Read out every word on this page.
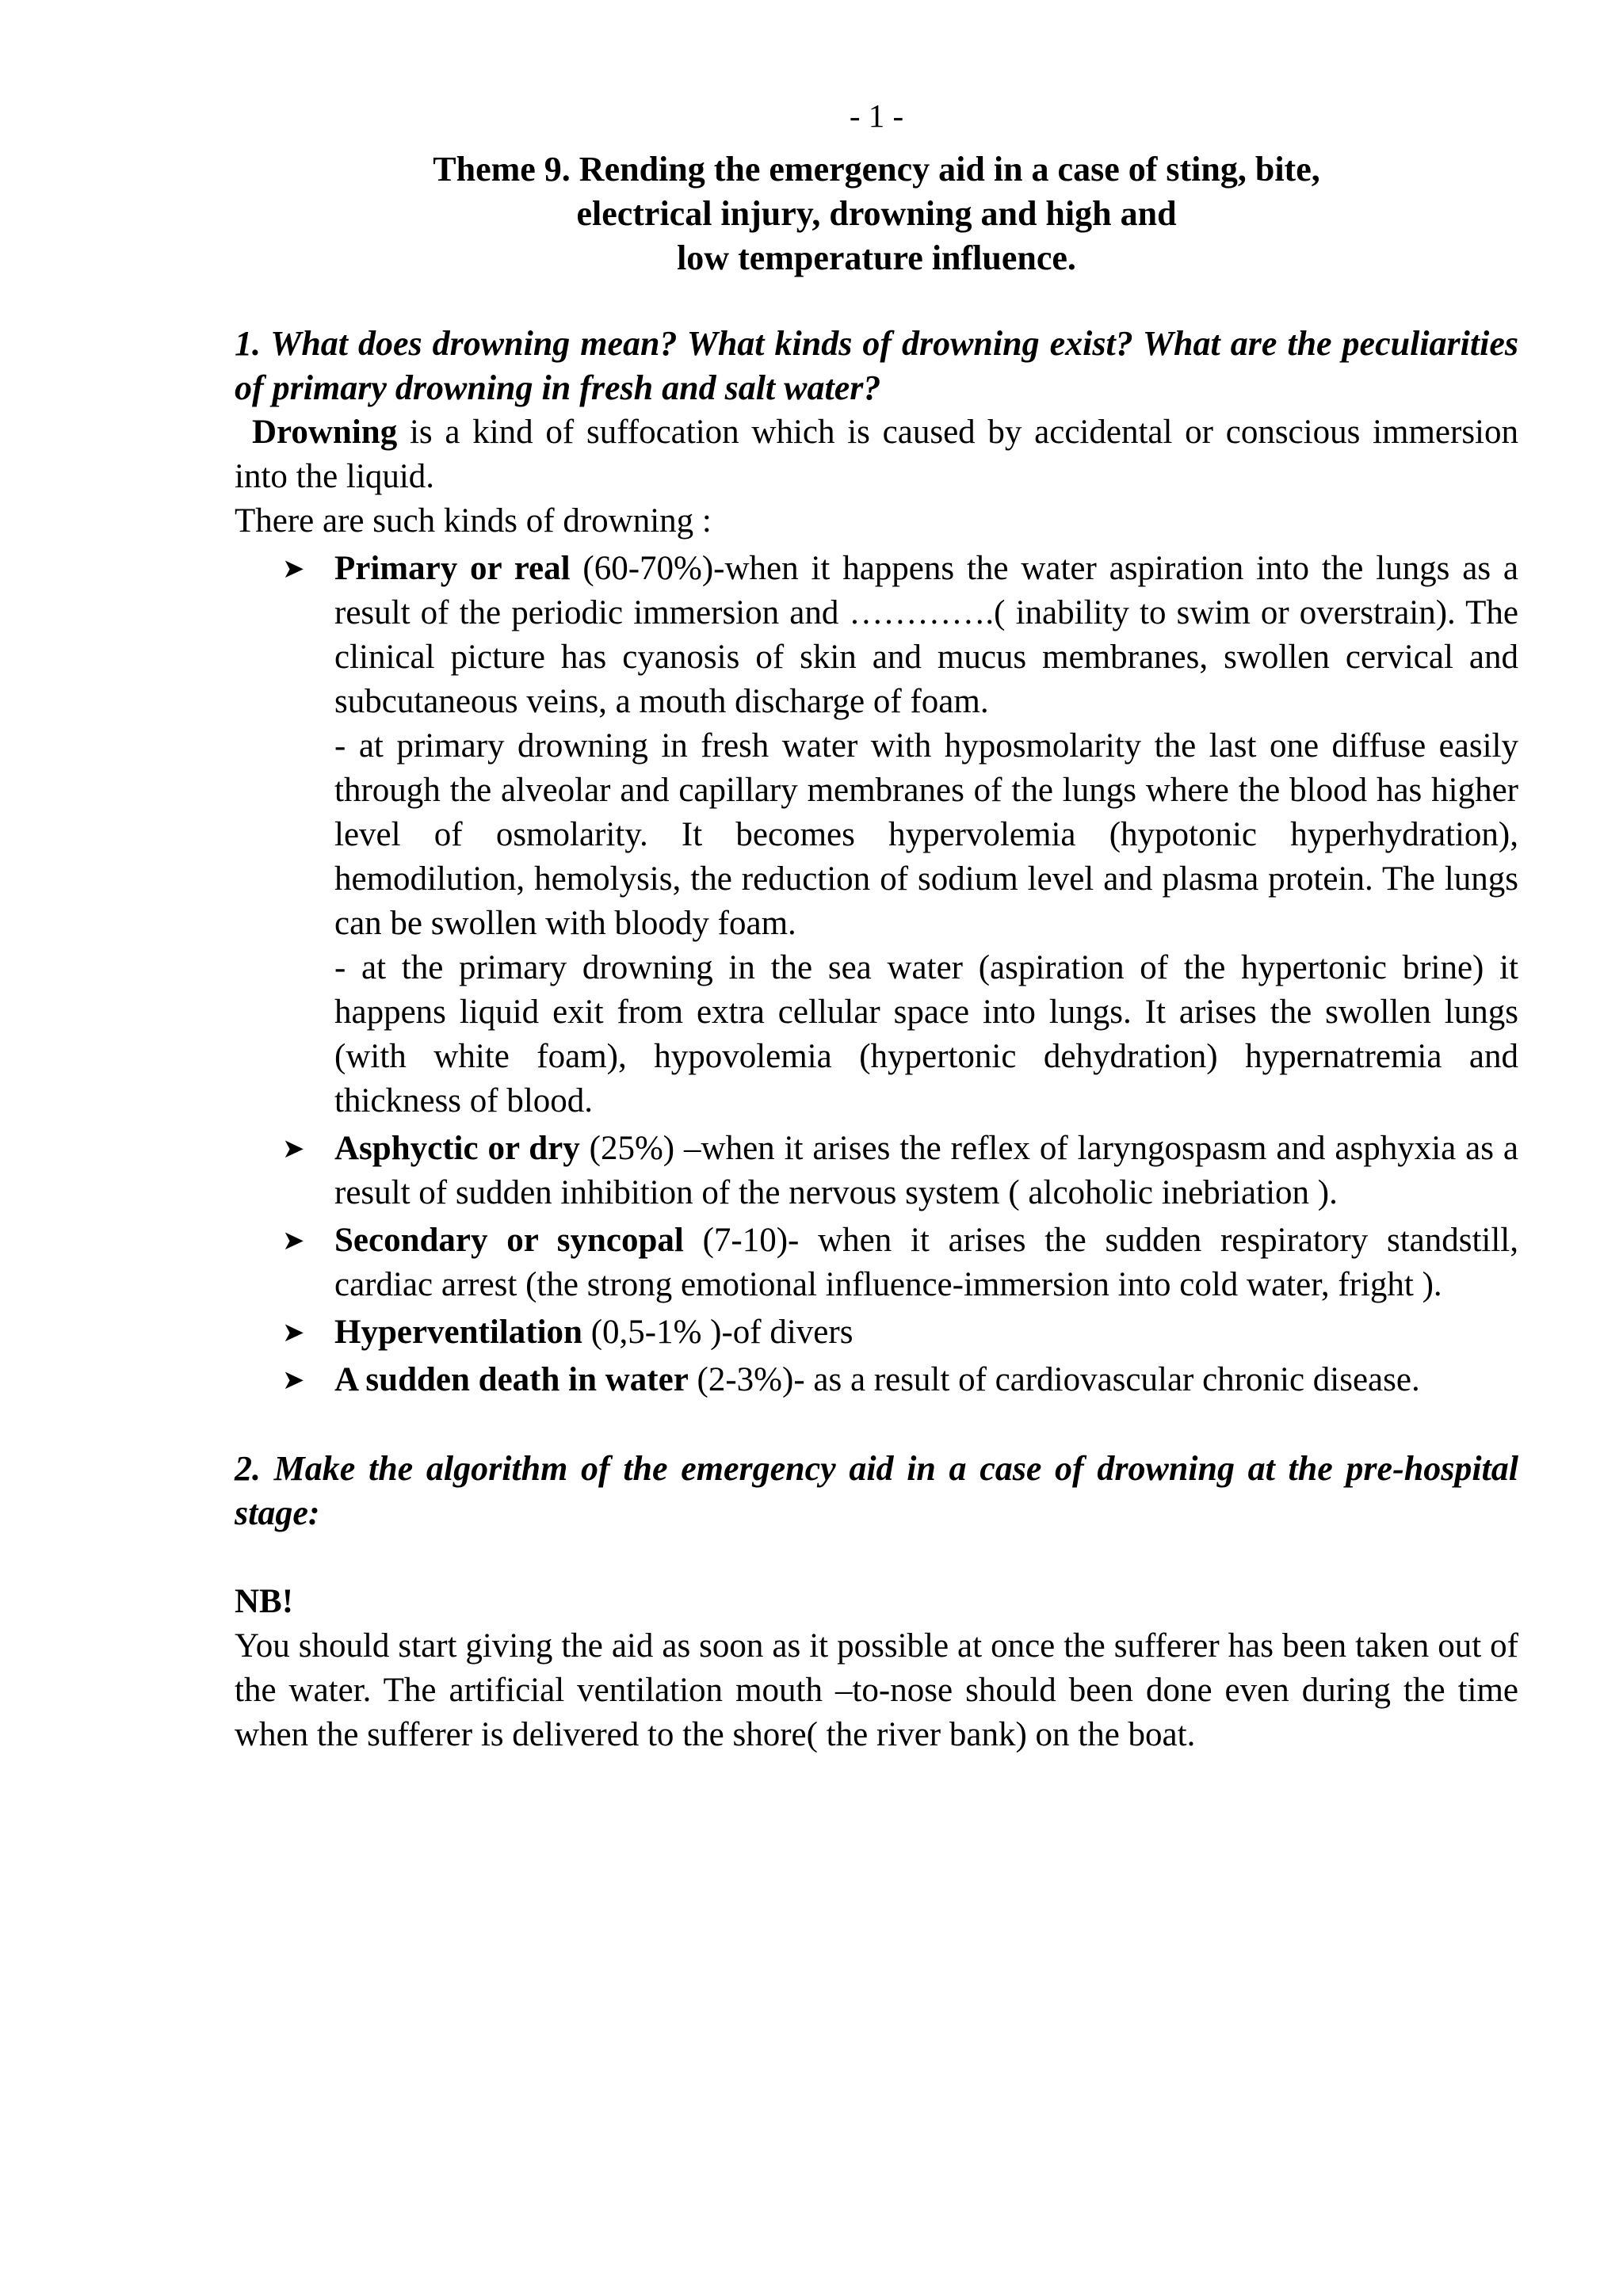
- 1 -
Theme 9. Rending the emergency aid in a case of sting, bite,
electrical injury, drowning and high and
low temperature influence.
1. What does drowning mean? What kinds of drowning exist? What are the peculiarities of primary drowning in fresh and salt water?

Drowning is a kind of suffocation which is caused by accidental or conscious immersion into the liquid.

There are such kinds of drowning :

➤ Primary or real (60-70%)-when it happens the water aspiration into the lungs as a result of the periodic immersion and ………….( inability to swim or overstrain). The clinical picture has cyanosis of skin and mucus membranes, swollen cervical and subcutaneous veins, a mouth discharge of foam.
- at primary drowning in fresh water with hyposmolarity the last one diffuse easily through the alveolar and capillary membranes of the lungs where the blood has higher level of osmolarity. It becomes hypervolemia (hypotonic hyperhydration), hemodilution, hemolysis, the reduction of sodium level and plasma protein. The lungs can be swollen with bloody foam.
- at the primary drowning in the sea water (aspiration of the hypertonic brine) it happens liquid exit from extra cellular space into lungs. It arises the swollen lungs (with white foam), hypovolemia (hypertonic dehydration) hypernatremia and thickness of blood.
➤ Asphyctic or dry (25%) –when it arises the reflex of laryngospasm and asphyxia as a result of sudden inhibition of the nervous system ( alcoholic inebriation ).
➤ Secondary or syncopal (7-10)- when it arises the sudden respiratory standstill, cardiac arrest (the strong emotional influence-immersion into cold water, fright ).
➤ Hyperventilation (0,5-1% )-of divers
➤ A sudden death in water (2-3%)- as a result of cardiovascular chronic disease.
2. Make the algorithm of the emergency aid in a case of drowning at the pre-hospital stage:

NB!

You should start giving the aid as soon as it possible at once the sufferer has been taken out of the water. The artificial ventilation mouth –to-nose should been done even during the time when the sufferer is delivered to the shore( the river bank) on the boat.
